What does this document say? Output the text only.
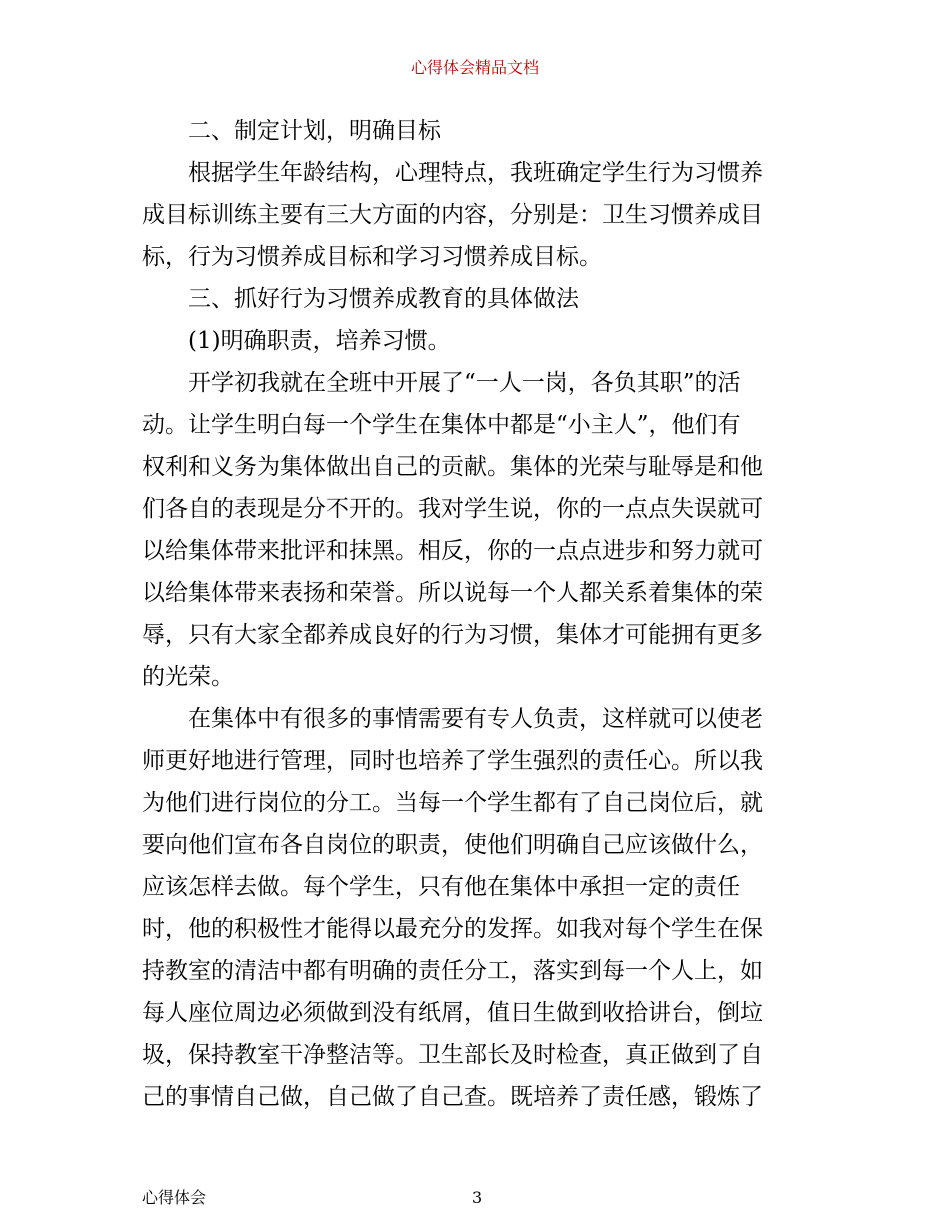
心得体会精品文档
二、制定计划，明确目标
根据学生年龄结构，心理特点，我班确定学生行为习惯养
成目标训练主要有三大方面的内容，分别是：卫生习惯养成目
标，行为习惯养成目标和学习习惯养成目标。
三、抓好行为习惯养成教育的具体做法
(1)明确职责，培养习惯。
开学初我就在全班中开展了“一人一岗，各负其职”的活
动。让学生明白每一个学生在集体中都是“小主人”，他们有
权利和义务为集体做出自己的贡献。集体的光荣与耻辱是和他
们各自的表现是分不开的。我对学生说，你的一点点失误就可
以给集体带来批评和抹黑。相反，你的一点点进步和努力就可
以给集体带来表扬和荣誉。所以说每一个人都关系着集体的荣
辱，只有大家全都养成良好的行为习惯，集体才可能拥有更多
的光荣。
在集体中有很多的事情需要有专人负责，这样就可以使老
师更好地进行管理，同时也培养了学生强烈的责任心。所以我
为他们进行岗位的分工。当每一个学生都有了自己岗位后，就
要向他们宣布各自岗位的职责，使他们明确自己应该做什么，
应该怎样去做。每个学生，只有他在集体中承担一定的责任
时，他的积极性才能得以最充分的发挥。如我对每个学生在保
持教室的清洁中都有明确的责任分工，落实到每一个人上，如
每人座位周边必须做到没有纸屑，值日生做到收拾讲台，倒垃
圾，保持教室干净整洁等。卫生部长及时检查，真正做到了自
己的事情自己做，自己做了自己查。既培养了责任感，锻炼了
心得体会	3
